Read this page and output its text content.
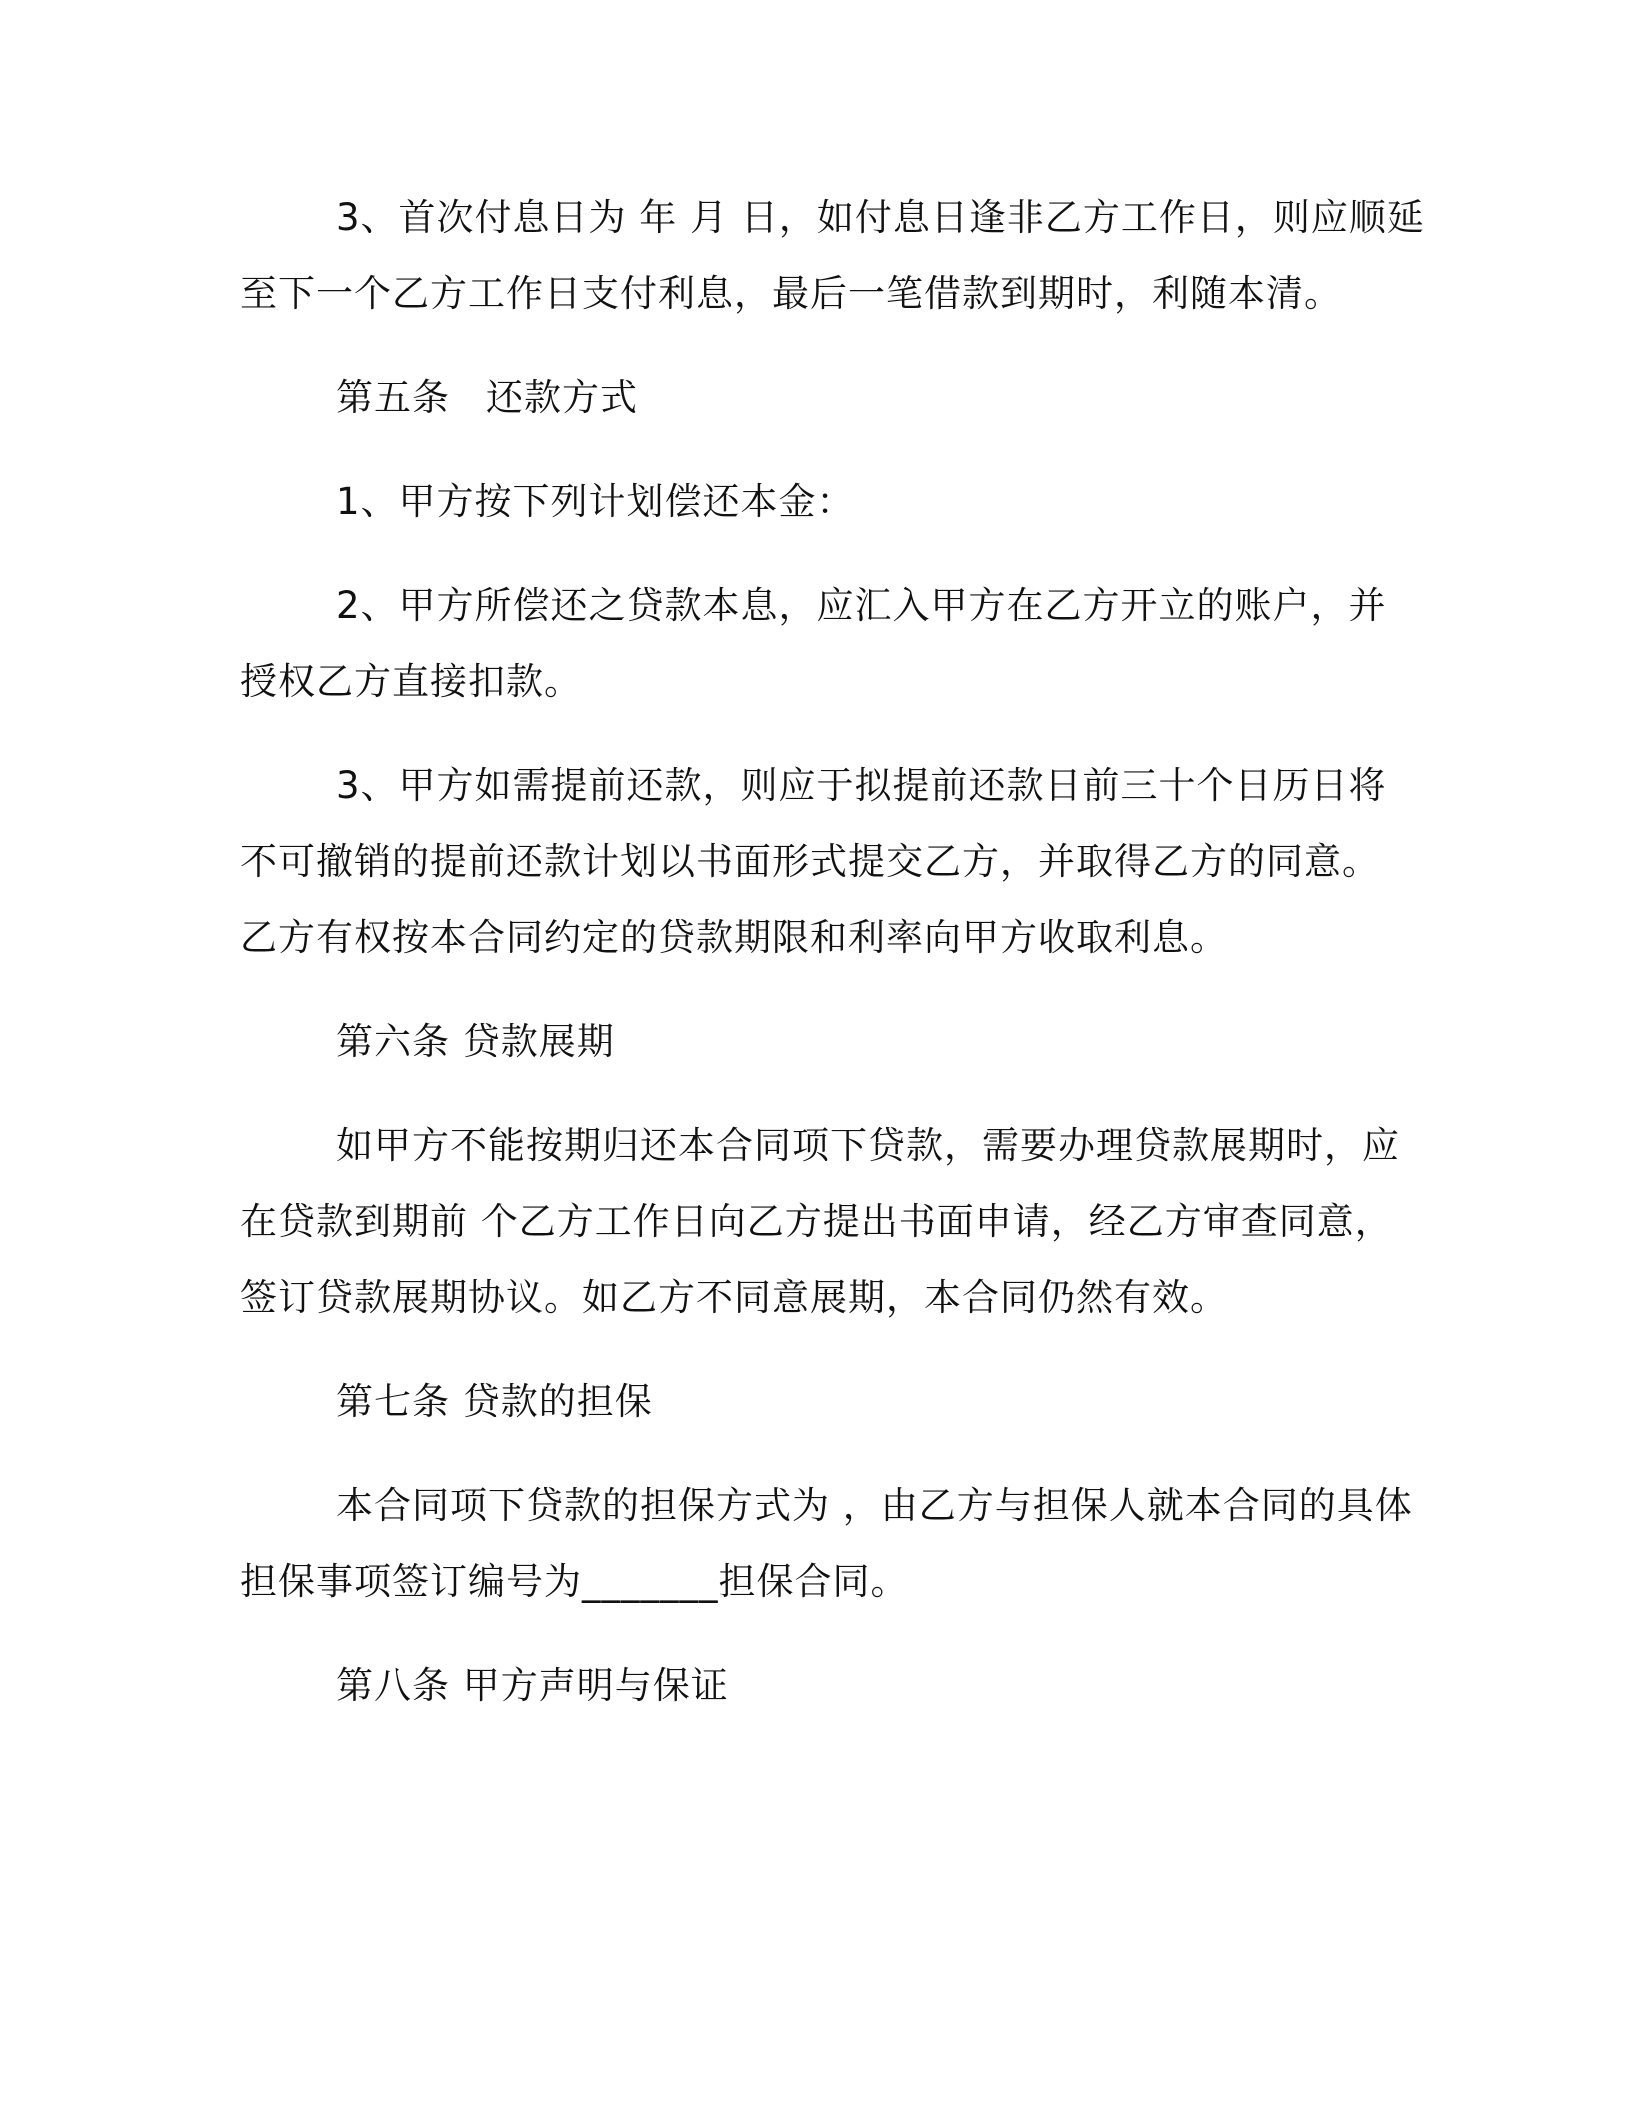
3、首次付息日为 年 月 日，如付息日逢非乙方工作日，则应顺延
至下一个乙方工作日支付利息，最后一笔借款到期时，利随本清。
第五条 还款方式
1、甲方按下列计划偿还本金：
2、甲方所偿还之贷款本息，应汇入甲方在乙方开立的账户，并
授权乙方直接扣款。
3、甲方如需提前还款，则应于拟提前还款日前三十个日历日将
不可撤销的提前还款计划以书面形式提交乙方，并取得乙方的同意。
乙方有权按本合同约定的贷款期限和利率向甲方收取利息。
第六条 贷款展期
如甲方不能按期归还本合同项下贷款，需要办理贷款展期时，应
在贷款到期前 个乙方工作日向乙方提出书面申请，经乙方审查同意，
签订贷款展期协议。如乙方不同意展期，本合同仍然有效。
第七条 贷款的担保
本合同项下贷款的担保方式为 ，由乙方与担保人就本合同的具体
担保事项签订编号为_______担保合同。
第八条 甲方声明与保证
